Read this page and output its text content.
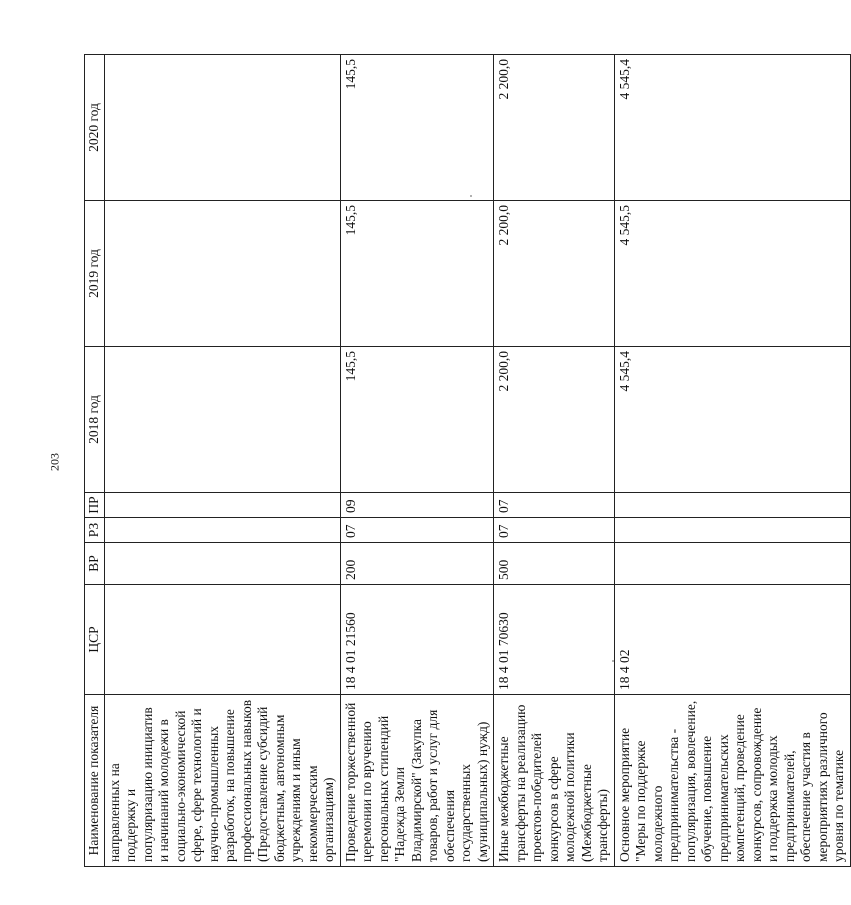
203
Наименование показателя	ЦСР	ВР	РЗ	ПР	2018 год	2019 год	2020 год
направленных на поддержку и популяризацию инициатив и начинаний молодежи в социально-экономической сфере, сфере технологий и научно-промышленных разработок, на повышение профессиональных навыков (Предоставление субсидий бюджетным, автономным учреждениям и иным некоммерческим организациям)							
Проведение торжественной церемонии по вручению персональных стипендий "Надежда Земли Владимирской" (Закупка товаров, работ и услуг для обеспечения государственных (муниципальных) нужд)	18 4 01 21560	200	07	09	145,5	145,5	145,5
Иные межбюджетные трансферты на реализацию проектов-победителей конкурсов в сфере молодежной политики (Межбюджетные трансферты)	18 4 01 70630	500	07	07	2 200,0	2 200,0	2 200,0
Основное мероприятие "Меры по поддержке молодежного предпринимательства - популяризация, вовлечение, обучение, повышение предпринимательских компетенций, проведение конкурсов, сопровождение и поддержка молодых предпринимателей, обеспечение участия в мероприятиях различного уровня по тематике	18 4 02				4 545,4	4 545,5	4 545,4
